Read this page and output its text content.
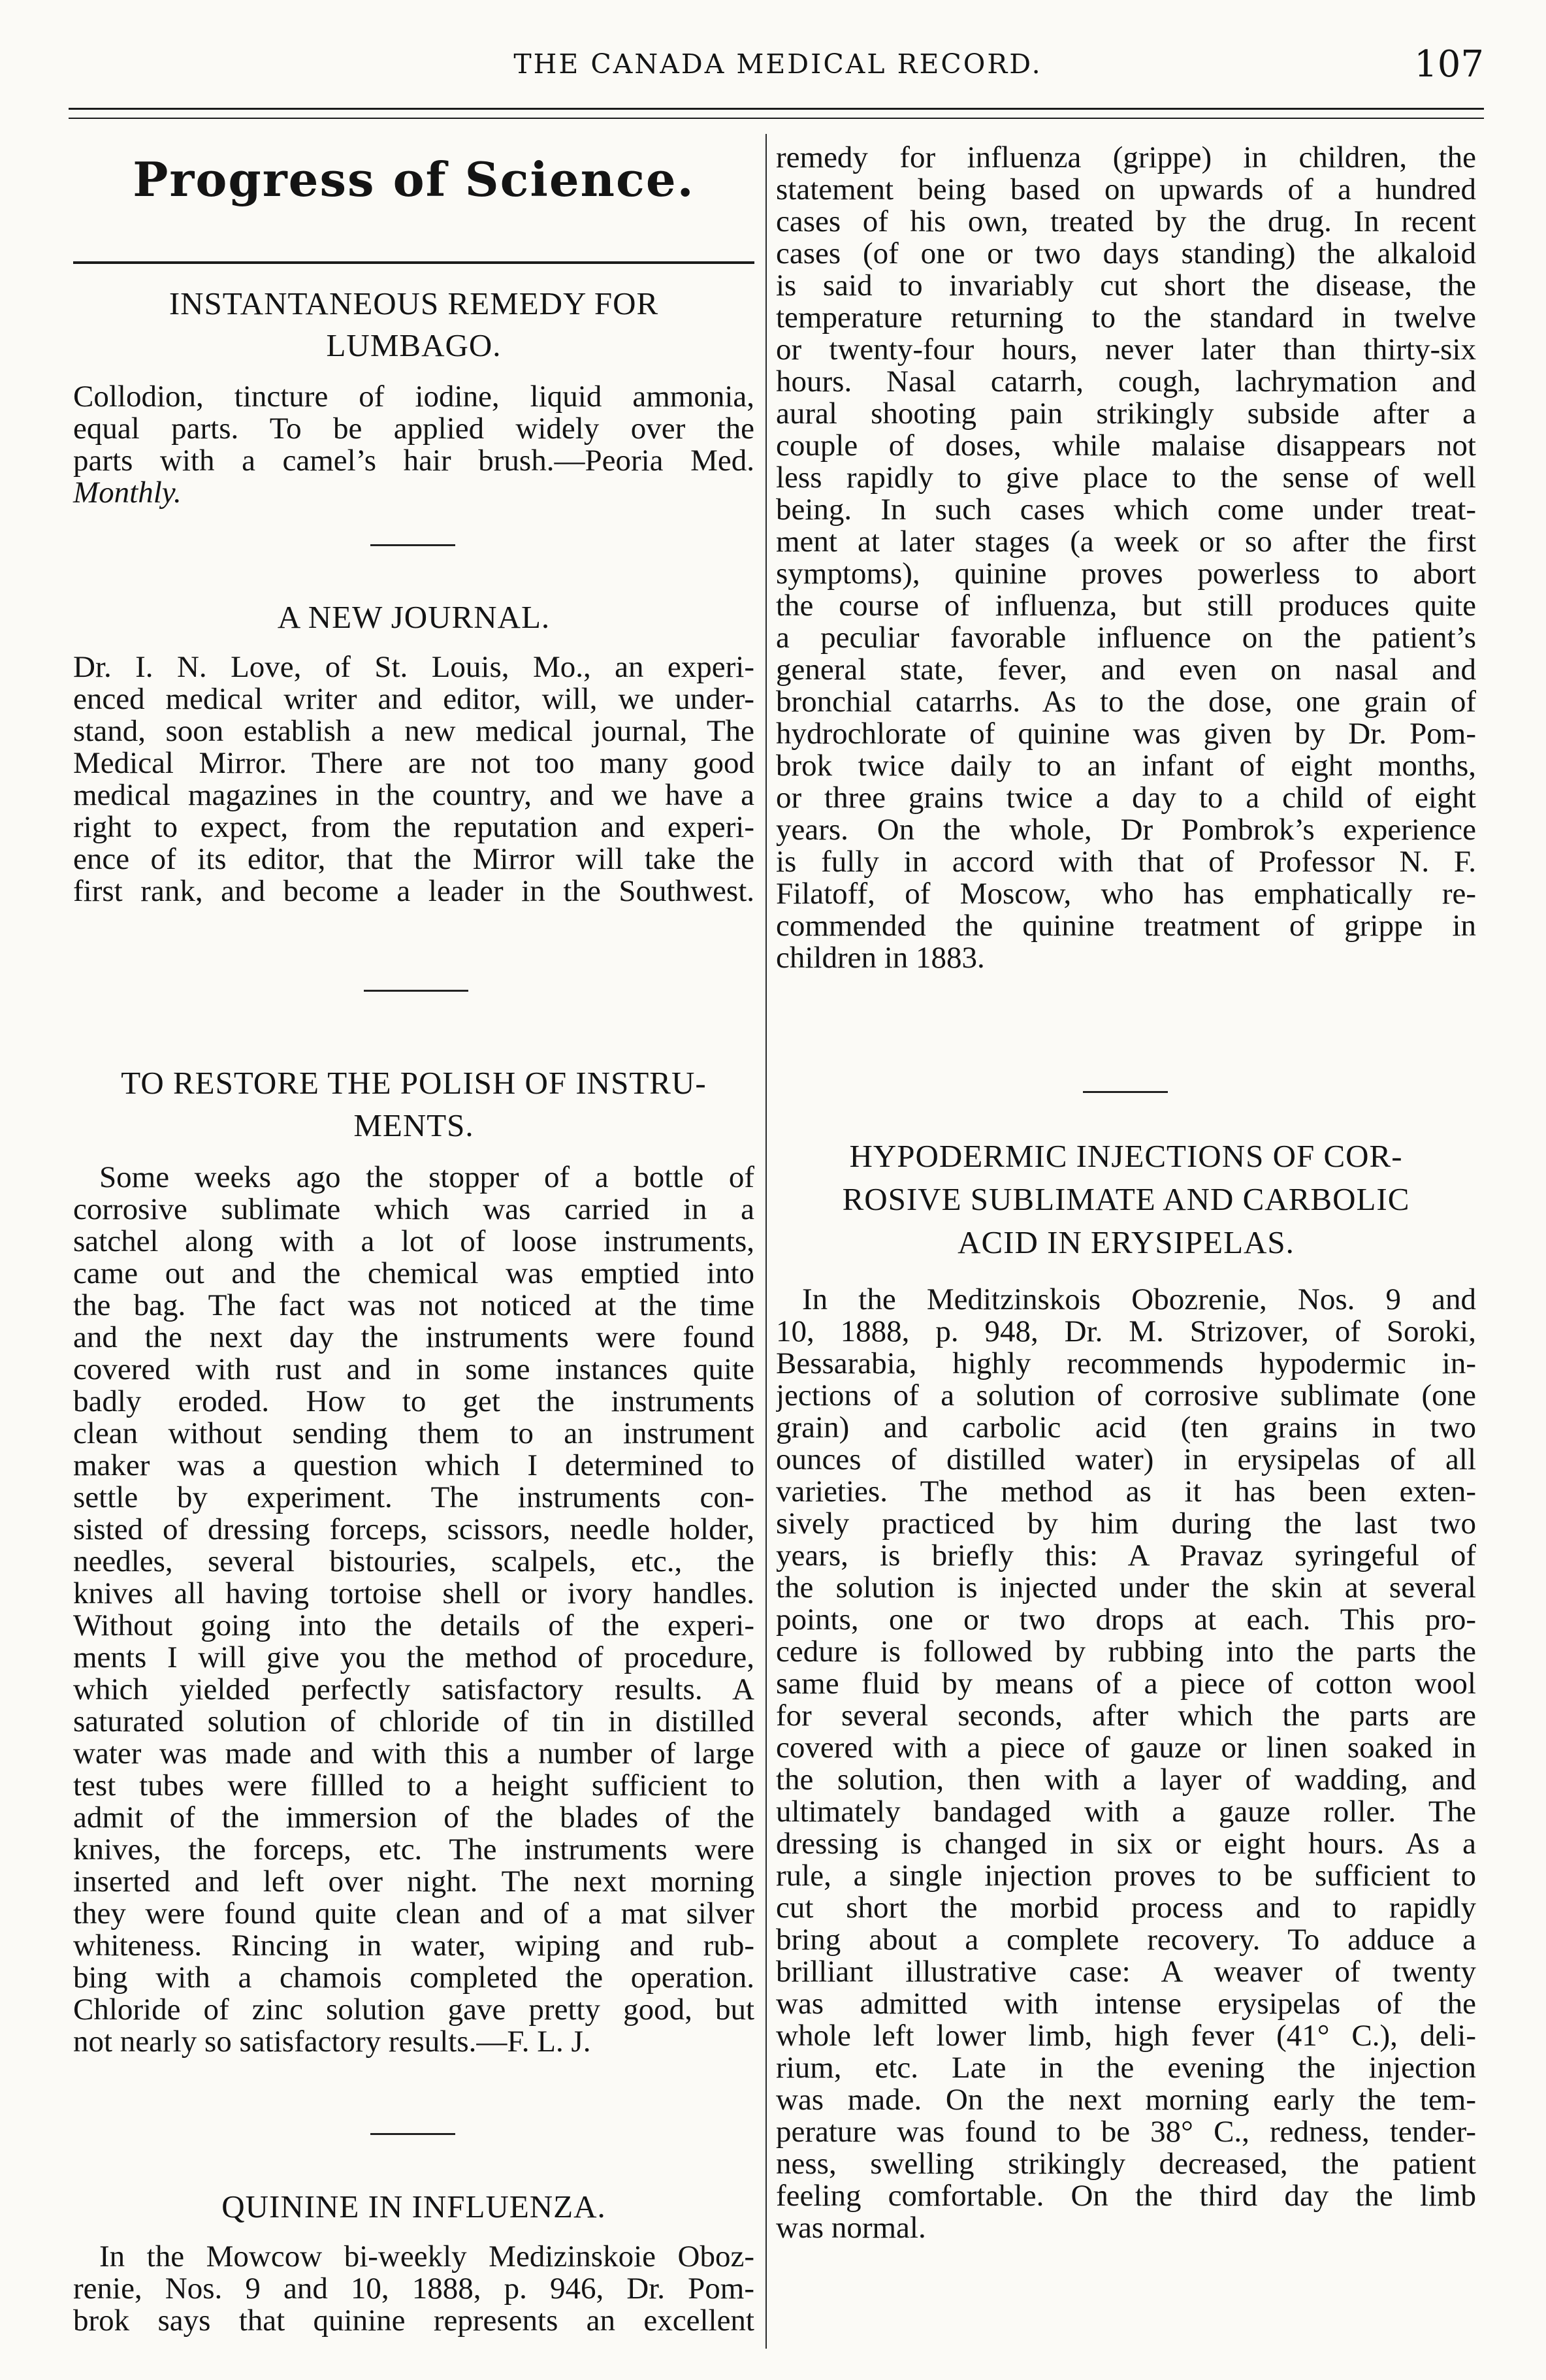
THE CANADA MEDICAL RECORD.	107
Progress of Science.
INSTANTANEOUS REMEDY FOR
LUMBAGO.
Collodion, tincture of iodine, liquid ammonia,
equal parts. To be applied widely over the
parts with a camel’s hair brush.—Peoria Med.
Monthly.
A NEW JOURNAL.
Dr. I. N. Love, of St. Louis, Mo., an experi-
enced medical writer and editor, will, we under-
stand, soon establish a new medical journal, The
Medical Mirror. There are not too many good
medical magazines in the country, and we have a
right to expect, from the reputation and experi-
ence of its editor, that the Mirror will take the
first rank, and become a leader in the Southwest.
TO RESTORE THE POLISH OF INSTRU-
MENTS.
Some weeks ago the stopper of a bottle of
corrosive sublimate which was carried in a
satchel along with a lot of loose instruments,
came out and the chemical was emptied into
the bag. The fact was not noticed at the time
and the next day the instruments were found
covered with rust and in some instances quite
badly eroded. How to get the instruments
clean without sending them to an instrument
maker was a question which I determined to
settle by experiment. The instruments con-
sisted of dressing forceps, scissors, needle holder,
needles, several bistouries, scalpels, etc., the
knives all having tortoise shell or ivory handles.
Without going into the details of the experi-
ments I will give you the method of procedure,
which yielded perfectly satisfactory results. A
saturated solution of chloride of tin in distilled
water was made and with this a number of large
test tubes were fillled to a height sufficient to
admit of the immersion of the blades of the
knives, the forceps, etc. The instruments were
inserted and left over night. The next morning
they were found quite clean and of a mat silver
whiteness. Rincing in water, wiping and rub-
bing with a chamois completed the operation.
Chloride of zinc solution gave pretty good, but
not nearly so satisfactory results.—F. L. J.
QUININE IN INFLUENZA.
In the Mowcow bi-weekly Medizinskoie Oboz-
renie, Nos. 9 and 10, 1888, p. 946, Dr. Pom-
brok says that quinine represents an excellent
remedy for influenza (grippe) in children, the
statement being based on upwards of a hundred
cases of his own, treated by the drug. In recent
cases (of one or two days standing) the alkaloid
is said to invariably cut short the disease, the
temperature returning to the standard in twelve
or twenty-four hours, never later than thirty-six
hours. Nasal catarrh, cough, lachrymation and
aural shooting pain strikingly subside after a
couple of doses, while malaise disappears not
less rapidly to give place to the sense of well
being. In such cases which come under treat-
ment at later stages (a week or so after the first
symptoms), quinine proves powerless to abort
the course of influenza, but still produces quite
a peculiar favorable influence on the patient’s
general state, fever, and even on nasal and
bronchial catarrhs. As to the dose, one grain of
hydrochlorate of quinine was given by Dr. Pom-
brok twice daily to an infant of eight months,
or three grains twice a day to a child of eight
years. On the whole, Dr Pombrok’s experience
is fully in accord with that of Professor N. F.
Filatoff, of Moscow, who has emphatically re-
commended the quinine treatment of grippe in
children in 1883.
HYPODERMIC INJECTIONS OF COR-
ROSIVE SUBLIMATE AND CARBOLIC
ACID IN ERYSIPELAS.
In the Meditzinskois Obozrenie, Nos. 9 and
10, 1888, p. 948, Dr. M. Strizover, of Soroki,
Bessarabia, highly recommends hypodermic in-
jections of a solution of corrosive sublimate (one
grain) and carbolic acid (ten grains in two
ounces of distilled water) in erysipelas of all
varieties. The method as it has been exten-
sively practiced by him during the last two
years, is briefly this: A Pravaz syringeful of
the solution is injected under the skin at several
points, one or two drops at each. This pro-
cedure is followed by rubbing into the parts the
same fluid by means of a piece of cotton wool
for several seconds, after which the parts are
covered with a piece of gauze or linen soaked in
the solution, then with a layer of wadding, and
ultimately bandaged with a gauze roller. The
dressing is changed in six or eight hours. As a
rule, a single injection proves to be sufficient to
cut short the morbid process and to rapidly
bring about a complete recovery. To adduce a
brilliant illustrative case: A weaver of twenty
was admitted with intense erysipelas of the
whole left lower limb, high fever (41° C.), deli-
rium, etc. Late in the evening the injection
was made. On the next morning early the tem-
perature was found to be 38° C., redness, tender-
ness, swelling strikingly decreased, the patient
feeling comfortable. On the third day the limb
was normal.
